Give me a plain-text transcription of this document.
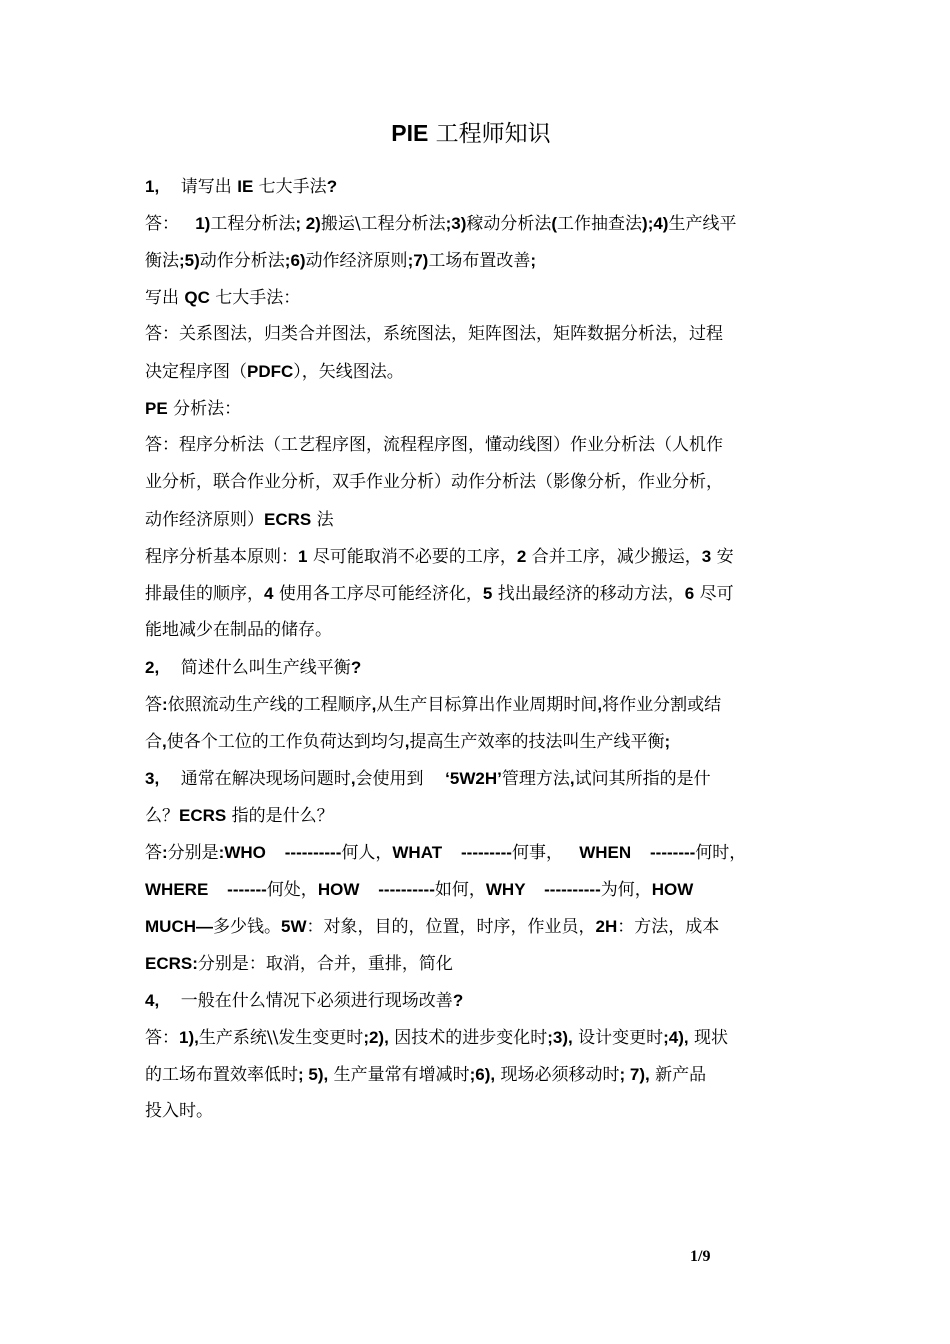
PIE 工程师知识
1,    请写出 IE 七大手法?
答：   1)工程分析法; 2)搬运\工程分析法;3)稼动分析法(工作抽查法);4)生产线平
衡法;5)动作分析法;6)动作经济原则;7)工场布置改善;
写出 QC 七大手法：
答：关系图法，归类合并图法，系统图法，矩阵图法，矩阵数据分析法，过程
决定程序图（PDFC），矢线图法。
PE 分析法：
答：程序分析法（工艺程序图，流程程序图，懂动线图）作业分析法（人机作
业分析，联合作业分析，双手作业分析）动作分析法（影像分析，作业分析，
动作经济原则）ECRS 法
程序分析基本原则：1 尽可能取消不必要的工序，2 合并工序，减少搬运，3 安
排最佳的顺序，4 使用各工序尽可能经济化，5 找出最经济的移动方法，6 尽可
能地减少在制品的储存。
2,    简述什么叫生产线平衡?
答:依照流动生产线的工程顺序,从生产目标算出作业周期时间,将作业分割或结
合,使各个工位的工作负荷达到均匀,提高生产效率的技法叫生产线平衡;
3,    通常在解决现场问题时,会使用到    ‘5W2H’管理方法,试问其所指的是什
么？ECRS 指的是什么？
答:分别是:WHO    ----------何人，WHAT    ---------何事，   WHEN    --------何时，
WHERE    -------何处，HOW    ----------如何，WHY    ----------为何，HOW
MUCH—多少钱。5W：对象，目的，位置，时序，作业员，2H：方法，成本
ECRS:分别是：取消，合并，重排，简化
4,    一般在什么情况下必须进行现场改善?
答：1),生产系统\\发生变更时;2), 因技术的进步变化时;3), 设计变更时;4), 现状
的工场布置效率低时; 5), 生产量常有增减时;6), 现场必须移动时; 7), 新产品
投入时。
1/9
